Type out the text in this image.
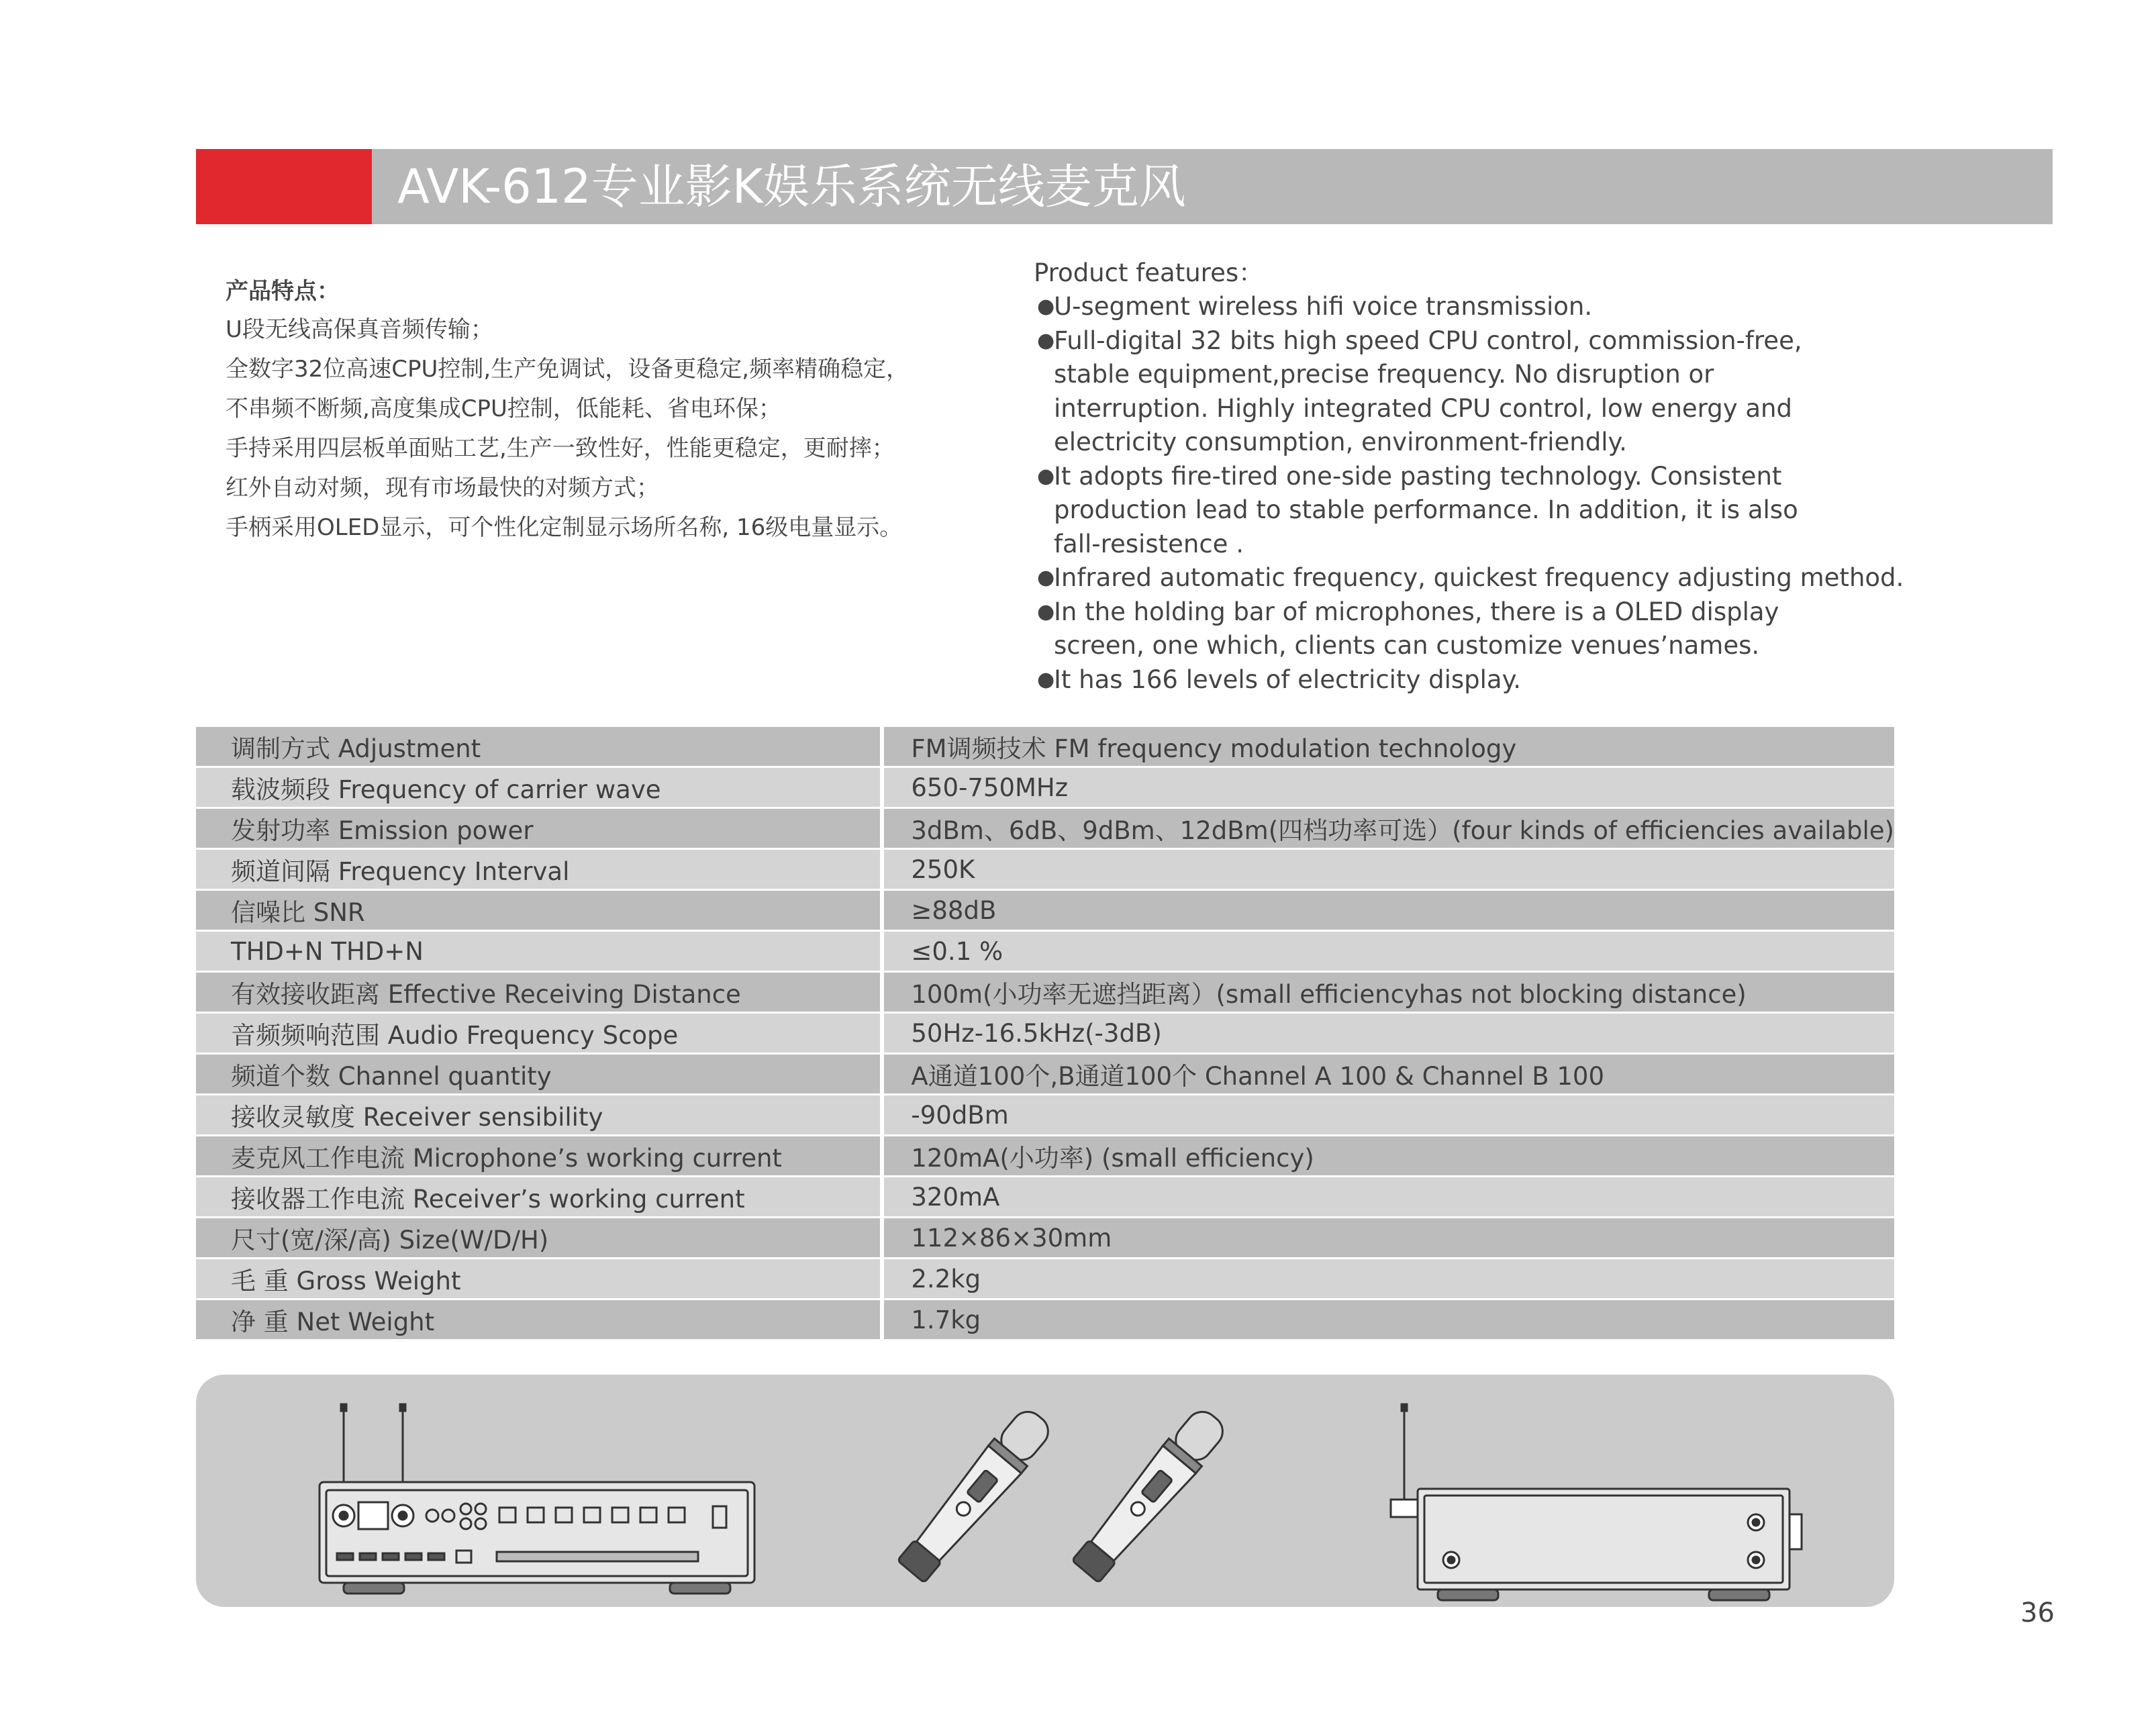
AVK-612专业影K娱乐系统无线麦克风
产品特点：
U段无线高保真音频传输；
全数字32位高速CPU控制,生产免调试，设备更稳定,频率精确稳定，
不串频不断频,高度集成CPU控制，低能耗、省电环保；
手持采用四层板单面贴工艺,生产一致性好，性能更稳定，更耐摔；
红外自动对频，现有市场最快的对频方式；
手柄采用OLED显示，可个性化定制显示场所名称, 16级电量显示。
Product features：
●
U-segment wireless hifi voice transmission.
●
Full-digital 32 bits high speed CPU control, commission-free,
stable equipment,precise frequency. No disruption or
interruption. Highly integrated CPU control, low energy and
electricity consumption, environment-friendly.
●
It adopts fire-tired one-side pasting technology. Consistent
production lead to stable performance. In addition, it is also
fall-resistence .
●
Infrared automatic frequency, quickest frequency adjusting method.
●
In the holding bar of microphones, there is a OLED display
screen, one which, clients can customize venues’names.
●
It has 166 levels of electricity display.
调制方式 Adjustment	FM调频技术 FM frequency modulation technology
载波频段 Frequency of carrier wave	650-750MHz
发射功率 Emission power	3dBm、6dB、9dBm、12dBm(四档功率可选）(four kinds of efficiencies available)
频道间隔 Frequency Interval	250K
信噪比 SNR	≥88dB
THD+N THD+N	≤0.1 %
有效接收距离 Effective Receiving Distance	100m(小功率无遮挡距离）(small efficiencyhas not blocking distance)
音频频响范围 Audio Frequency Scope	50Hz-16.5kHz(-3dB)
频道个数 Channel quantity	A通道100个,B通道100个 Channel A 100 & Channel B 100
接收灵敏度 Receiver sensibility	-90dBm
麦克风工作电流 Microphone’s working current	120mA(小功率) (small efficiency)
接收器工作电流 Receiver’s working current	320mA
尺寸(宽/深/高) Size(W/D/H)	112×86×30mm
毛 重 Gross Weight	2.2kg
净 重 Net Weight	1.7kg
36
